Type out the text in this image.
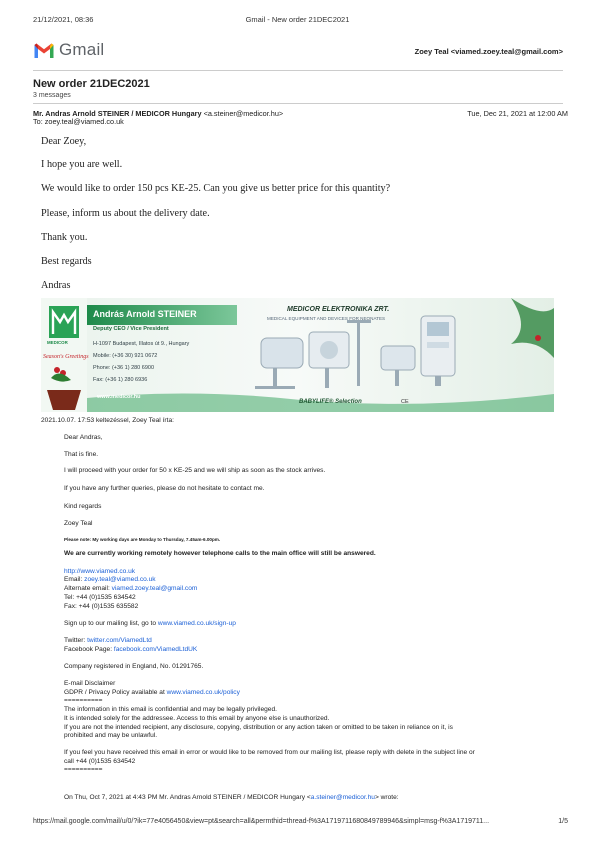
21/12/2021, 08:36	Gmail - New order 21DEC2021
Gmail	Zoey Teal <viamed.zoey.teal@gmail.com>
New order 21DEC2021
3 messages
Mr. Andras Arnold STEINER / MEDICOR Hungary <a.steiner@medicor.hu>	Tue, Dec 21, 2021 at 12:00 AM
To: zoey.teal@viamed.co.uk
Dear Zoey,
I hope you are well.
We would like to order 150 pcs KE-25. Can you give us better price for this quantity?
Please, inform us about the delivery date.
Thank you.
Best regards
Andras
András Arnold STEINER
Deputy CEO / Vice President
H-1097 Budapest, Illatos út 9., Hungary
Mobile: (+36 30) 921 0672
Phone: (+36 1) 280 6900
Fax: (+36 1) 280 6936
www.medicor.hu
MEDICOR ELEKTRONIKA ZRT.
MEDICAL EQUIPMENT AND DEVICES FOR NEONATES
MEDICOR
Season's Greetings
BABYLIFE® Selection	CE
2021.10.07. 17:53 keltezéssel, Zoey Teal írta:
Dear Andras,
That is fine.
I will proceed with your order for 50 x KE-25 and we will ship as soon as the stock arrives.
If you have any further queries, please do not hesitate to contact me.
Kind regards
Zoey Teal
Please note: My working days are Monday to Thursday, 7.45am-6.00pm.
We are currently working remotely however telephone calls to the main office will still be answered.
http://www.viamed.co.uk
Email: zoey.teal@viamed.co.uk
Alternate email: viamed.zoey.teal@gmail.com
Tel: +44 (0)1535 634542
Fax: +44 (0)1535 635582
Sign up to our mailing list, go to www.viamed.co.uk/sign-up
Twitter: twitter.com/ViamedLtd
Facebook Page: facebook.com/ViamedLtdUK
Company registered in England, No. 01291765.
E-mail Disclaimer
GDPR / Privacy Policy available at www.viamed.co.uk/policy
==========
The information in this email is confidential and may be legally privileged.
It is intended solely for the addressee. Access to this email by anyone else is unauthorized.
If you are not the intended recipient, any disclosure, copying, distribution or any action taken or omitted to be taken in reliance on it, is
prohibited and may be unlawful.
If you feel you have received this email in error or would like to be removed from our mailing list, please reply with delete in the subject line or
call +44 (0)1535 634542
==========
On Thu, Oct 7, 2021 at 4:43 PM Mr. Andras Arnold STEINER / MEDICOR Hungary <a.steiner@medicor.hu> wrote:
https://mail.google.com/mail/u/0/?ik=77e4056450&view=pt&search=all&permthid=thread-f%3A1719711680849789946&simpl=msg-f%3A1719711...	1/5
